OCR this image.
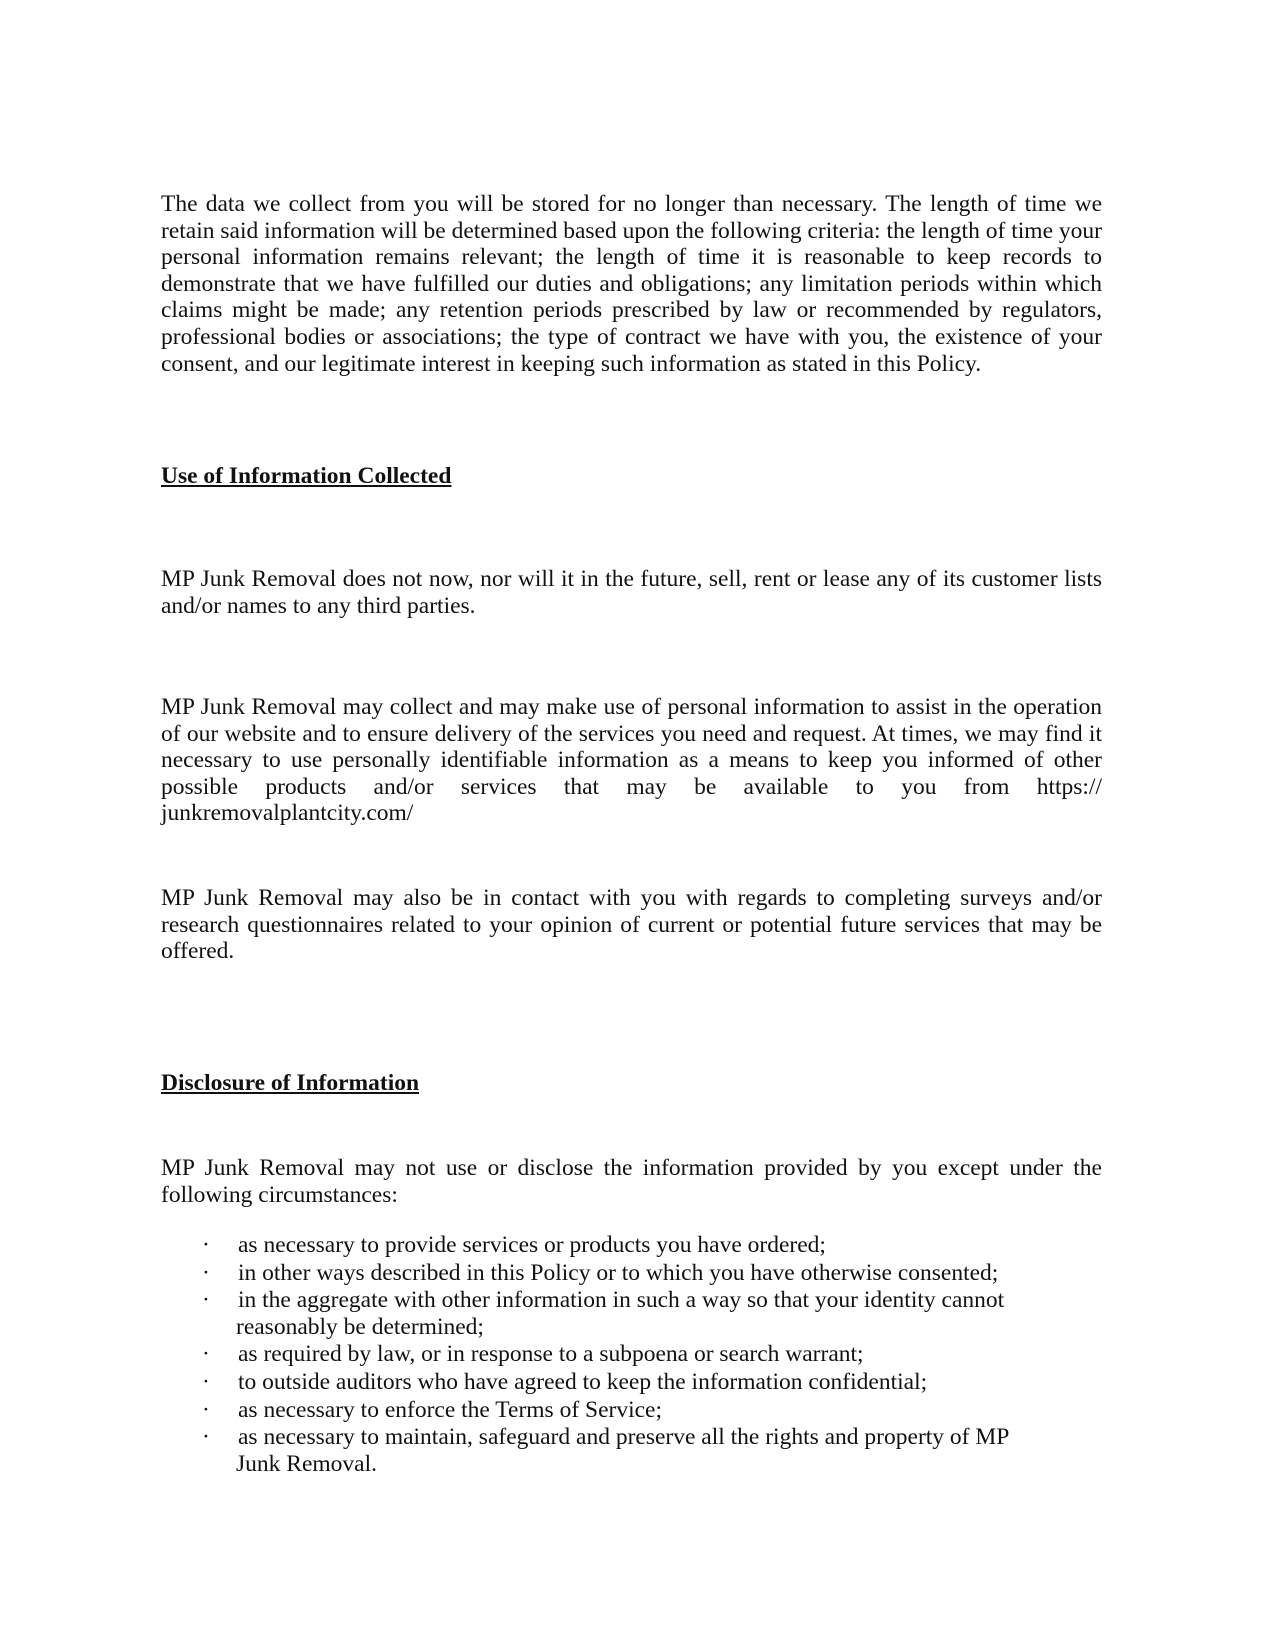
The data we collect from you will be stored for no longer than necessary. The length of time we retain said information will be determined based upon the following criteria: the length of time your personal information remains relevant; the length of time it is reasonable to keep records to demonstrate that we have fulfilled our duties and obligations; any limitation periods within which claims might be made; any retention periods prescribed by law or recommended by regulators, professional bodies or associations; the type of contract we have with you, the existence of your consent, and our legitimate interest in keeping such information as stated in this Policy.

Use of Information Collected

MP Junk Removal does not now, nor will it in the future, sell, rent or lease any of its customer lists and/or names to any third parties.

MP Junk Removal may collect and may make use of personal information to assist in the operation of our website and to ensure delivery of the services you need and request. At times, we may find it necessary to use personally identifiable information as a means to keep you informed of other possible products and/or services that may be available to you from https:// junkremovalplantcity.com/

MP Junk Removal may also be in contact with you with regards to completing surveys and/or research questionnaires related to your opinion of current or potential future services that may be offered.

Disclosure of Information

MP Junk Removal may not use or disclose the information provided by you except under the following circumstances:

·	as necessary to provide services or products you have ordered;
·	in other ways described in this Policy or to which you have otherwise consented;
·	in the aggregate with other information in such a way so that your identity cannot reasonably be determined;
·	as required by law, or in response to a subpoena or search warrant;
·	to outside auditors who have agreed to keep the information confidential;
·	as necessary to enforce the Terms of Service;
·	as necessary to maintain, safeguard and preserve all the rights and property of MP Junk Removal.
